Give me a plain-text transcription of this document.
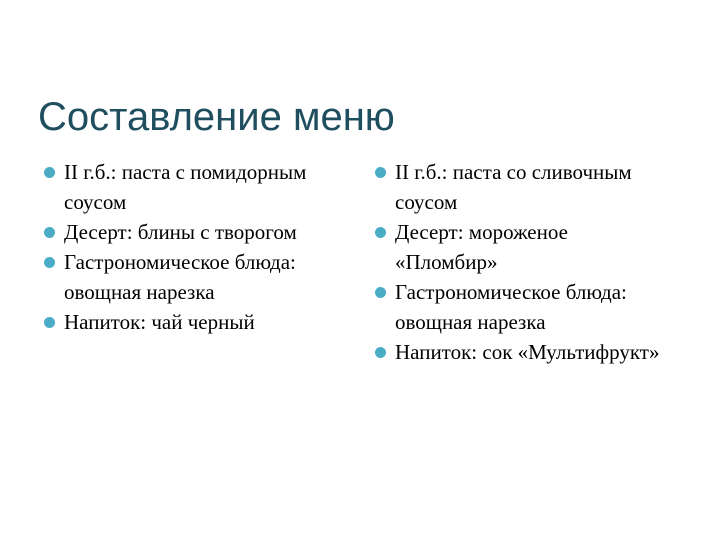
Составление меню
II г.б.: паста с помидорным соусом
Десерт: блины с творогом
Гастрономическое блюда: овощная нарезка
Напиток: чай черный
II г.б.: паста со сливочным соусом
Десерт: мороженое «Пломбир»
Гастрономическое блюда: овощная нарезка
Напиток: сок «Мультифрукт»
